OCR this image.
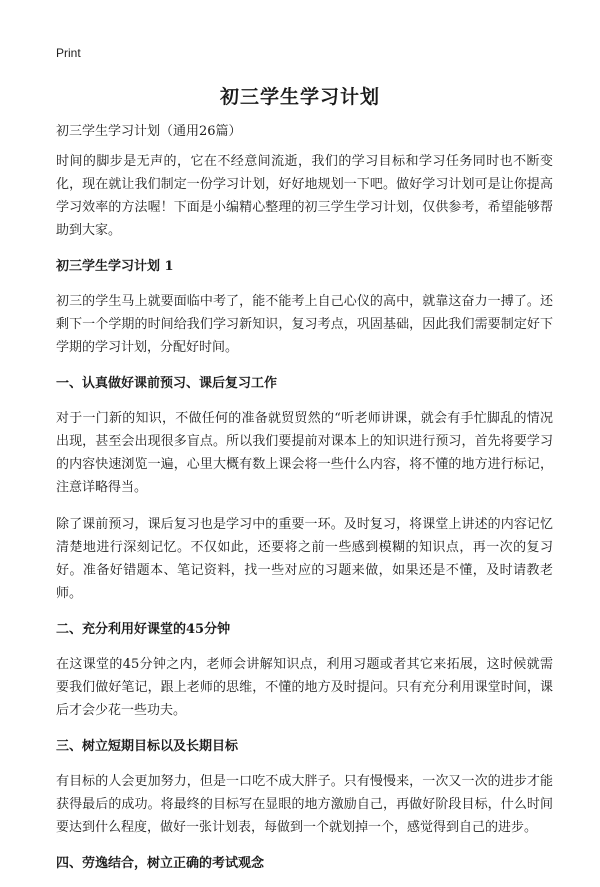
Print
初三学生学习计划

初三学生学习计划（通用26篇）

时间的脚步是无声的，它在不经意间流逝，我们的学习目标和学习任务同时也不断变化，现在就让我们制定一份学习计划，好好地规划一下吧。做好学习计划可是让你提高学习效率的方法喔！下面是小编精心整理的初三学生学习计划，仅供参考，希望能够帮助到大家。

初三学生学习计划 1

初三的学生马上就要面临中考了，能不能考上自己心仪的高中，就靠这奋力一搏了。还剩下一个学期的时间给我们学习新知识，复习考点，巩固基础，因此我们需要制定好下学期的学习计划，分配好时间。

一、认真做好课前预习、课后复习工作

对于一门新的知识，不做任何的准备就贸贸然的“听老师讲课，就会有手忙脚乱的情况出现，甚至会出现很多盲点。所以我们要提前对课本上的知识进行预习，首先将要学习的内容快速浏览一遍，心里大概有数上课会将一些什么内容，将不懂的地方进行标记，注意详略得当。

除了课前预习，课后复习也是学习中的重要一环。及时复习，将课堂上讲述的内容记忆清楚地进行深刻记忆。不仅如此，还要将之前一些感到模糊的知识点，再一次的复习好。准备好错题本、笔记资料，找一些对应的习题来做，如果还是不懂，及时请教老师。

二、充分利用好课堂的45分钟

在这课堂的45分钟之内，老师会讲解知识点，利用习题或者其它来拓展，这时候就需要我们做好笔记，跟上老师的思维，不懂的地方及时提问。只有充分利用课堂时间，课后才会少花一些功夫。

三、树立短期目标以及长期目标

有目标的人会更加努力，但是一口吃不成大胖子。只有慢慢来，一次又一次的进步才能获得最后的成功。将最终的目标写在显眼的地方激励自己，再做好阶段目标，什么时间要达到什么程度，做好一张计划表，每做到一个就划掉一个，感觉得到自己的进步。

四、劳逸结合，树立正确的考试观念
